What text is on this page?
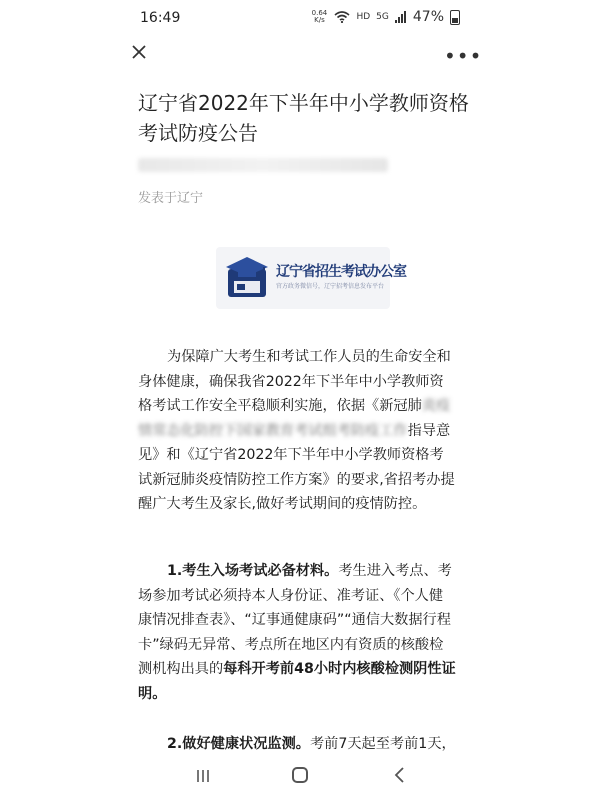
16:49	0.64
K/s	HD 5G 47%
•••
辽宁省2022年下半年中小学教师资格考试防疫公告
发表于辽宁
辽宁省招生考试办公室
官方政务微信号，辽宁招考信息发布平台
为保障广大考生和考试工作人员的生命安全和身体健康，确保我省2022年下半年中小学教师资格考试工作安全平稳顺利实施，依据《新冠肺炎疫情常态化防控下国家教育考试组考防疫工作指导意见》和《辽宁省2022年下半年中小学教师资格考试新冠肺炎疫情防控工作方案》的要求,省招考办提醒广大考生及家长,做好考试期间的疫情防控。
1.考生入场考试必备材料。考生进入考点、考场参加考试必须持本人身份证、准考证、《个人健康情况排查表》、“辽事通健康码”“通信大数据行程卡”绿码无异常、考点所在地区内有资质的核酸检测机构出具的每科开考前48小时内核酸检测阴性证明。
2.做好健康状况监测。考前7天起至考前1天，
